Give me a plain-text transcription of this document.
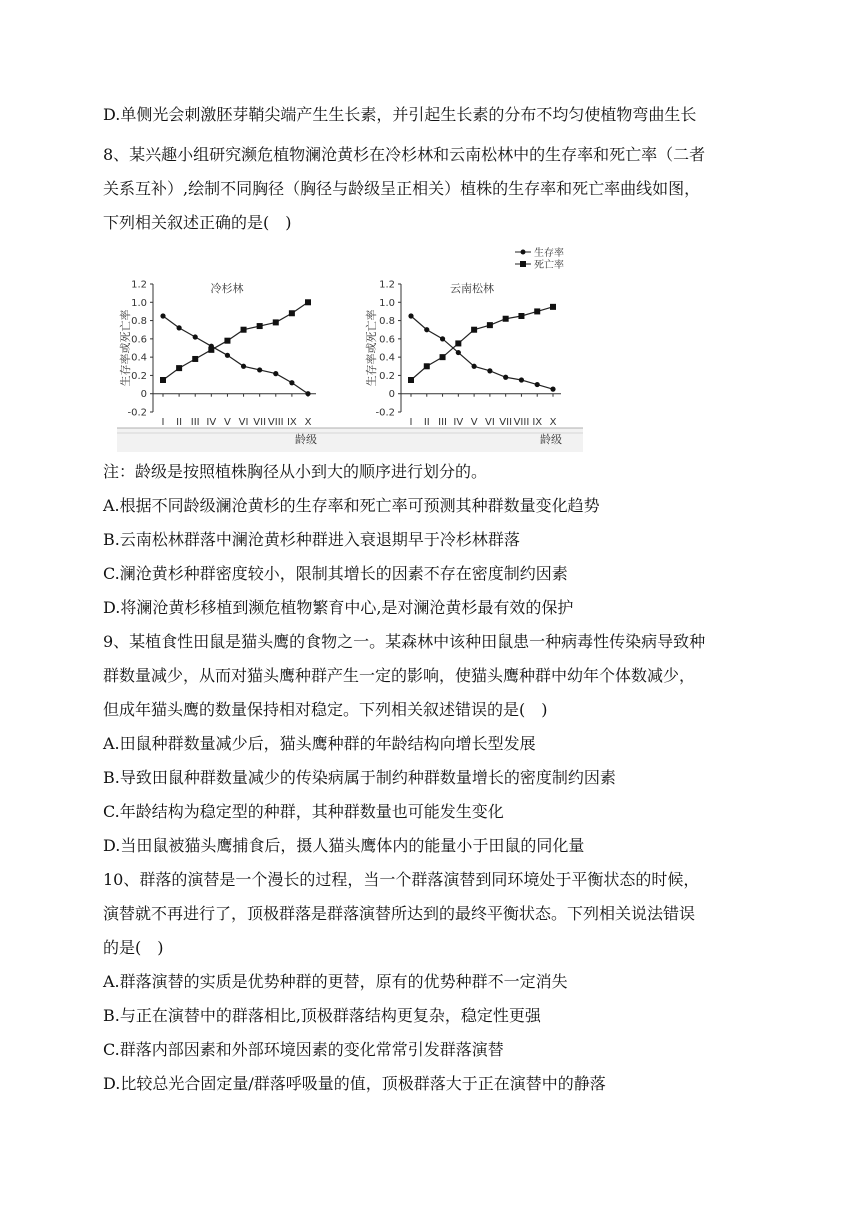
D.单侧光会刺激胚芽鞘尖端产生生长素，并引起生长素的分布不均匀使植物弯曲生长
8、某兴趣小组研究濒危植物澜沧黄杉在冷杉林和云南松林中的生存率和死亡率（二者
关系互补）,绘制不同胸径（胸径与龄级呈正相关）植株的生存率和死亡率曲线如图，
下列相关叙述正确的是(　)
1.2
1.0
0.8
0.6
0.4
0.2
0
-0.2
I II III IV V VI VII VIII IX X
冷杉林
龄级
生存率或死亡率
1.2
1.0
0.8
0.6
0.4
0.2
0
-0.2
I II III IV V VI VII VIII IX X
云南松林
龄级
生存率或死亡率
生存率
死亡率
注：龄级是按照植株胸径从小到大的顺序进行划分的。
A.根据不同龄级澜沧黄杉的生存率和死亡率可预测其种群数量变化趋势
B.云南松林群落中澜沧黄杉种群进入衰退期早于冷杉林群落
C.澜沧黄杉种群密度较小，限制其增长的因素不存在密度制约因素
D.将澜沧黄杉移植到濒危植物繁育中心,是对澜沧黄杉最有效的保护
9、某植食性田鼠是猫头鹰的食物之一。某森林中该种田鼠患一种病毒性传染病导致种
群数量减少，从而对猫头鹰种群产生一定的影响，使猫头鹰种群中幼年个体数减少，
但成年猫头鹰的数量保持相对稳定。下列相关叙述错误的是(　)
A.田鼠种群数量减少后，猫头鹰种群的年龄结构向增长型发展
B.导致田鼠种群数量减少的传染病属于制约种群数量增长的密度制约因素
C.年龄结构为稳定型的种群，其种群数量也可能发生变化
D.当田鼠被猫头鹰捕食后，摄人猫头鹰体内的能量小于田鼠的同化量
10、群落的演替是一个漫长的过程，当一个群落演替到同环境处于平衡状态的时候，
演替就不再进行了，顶极群落是群落演替所达到的最终平衡状态。下列相关说法错误
的是(　)
A.群落演替的实质是优势种群的更替，原有的优势种群不一定消失
B.与正在演替中的群落相比,顶极群落结构更复杂，稳定性更强
C.群落内部因素和外部环境因素的变化常常引发群落演替
D.比较总光合固定量/群落呼吸量的值，顶极群落大于正在演替中的静落
